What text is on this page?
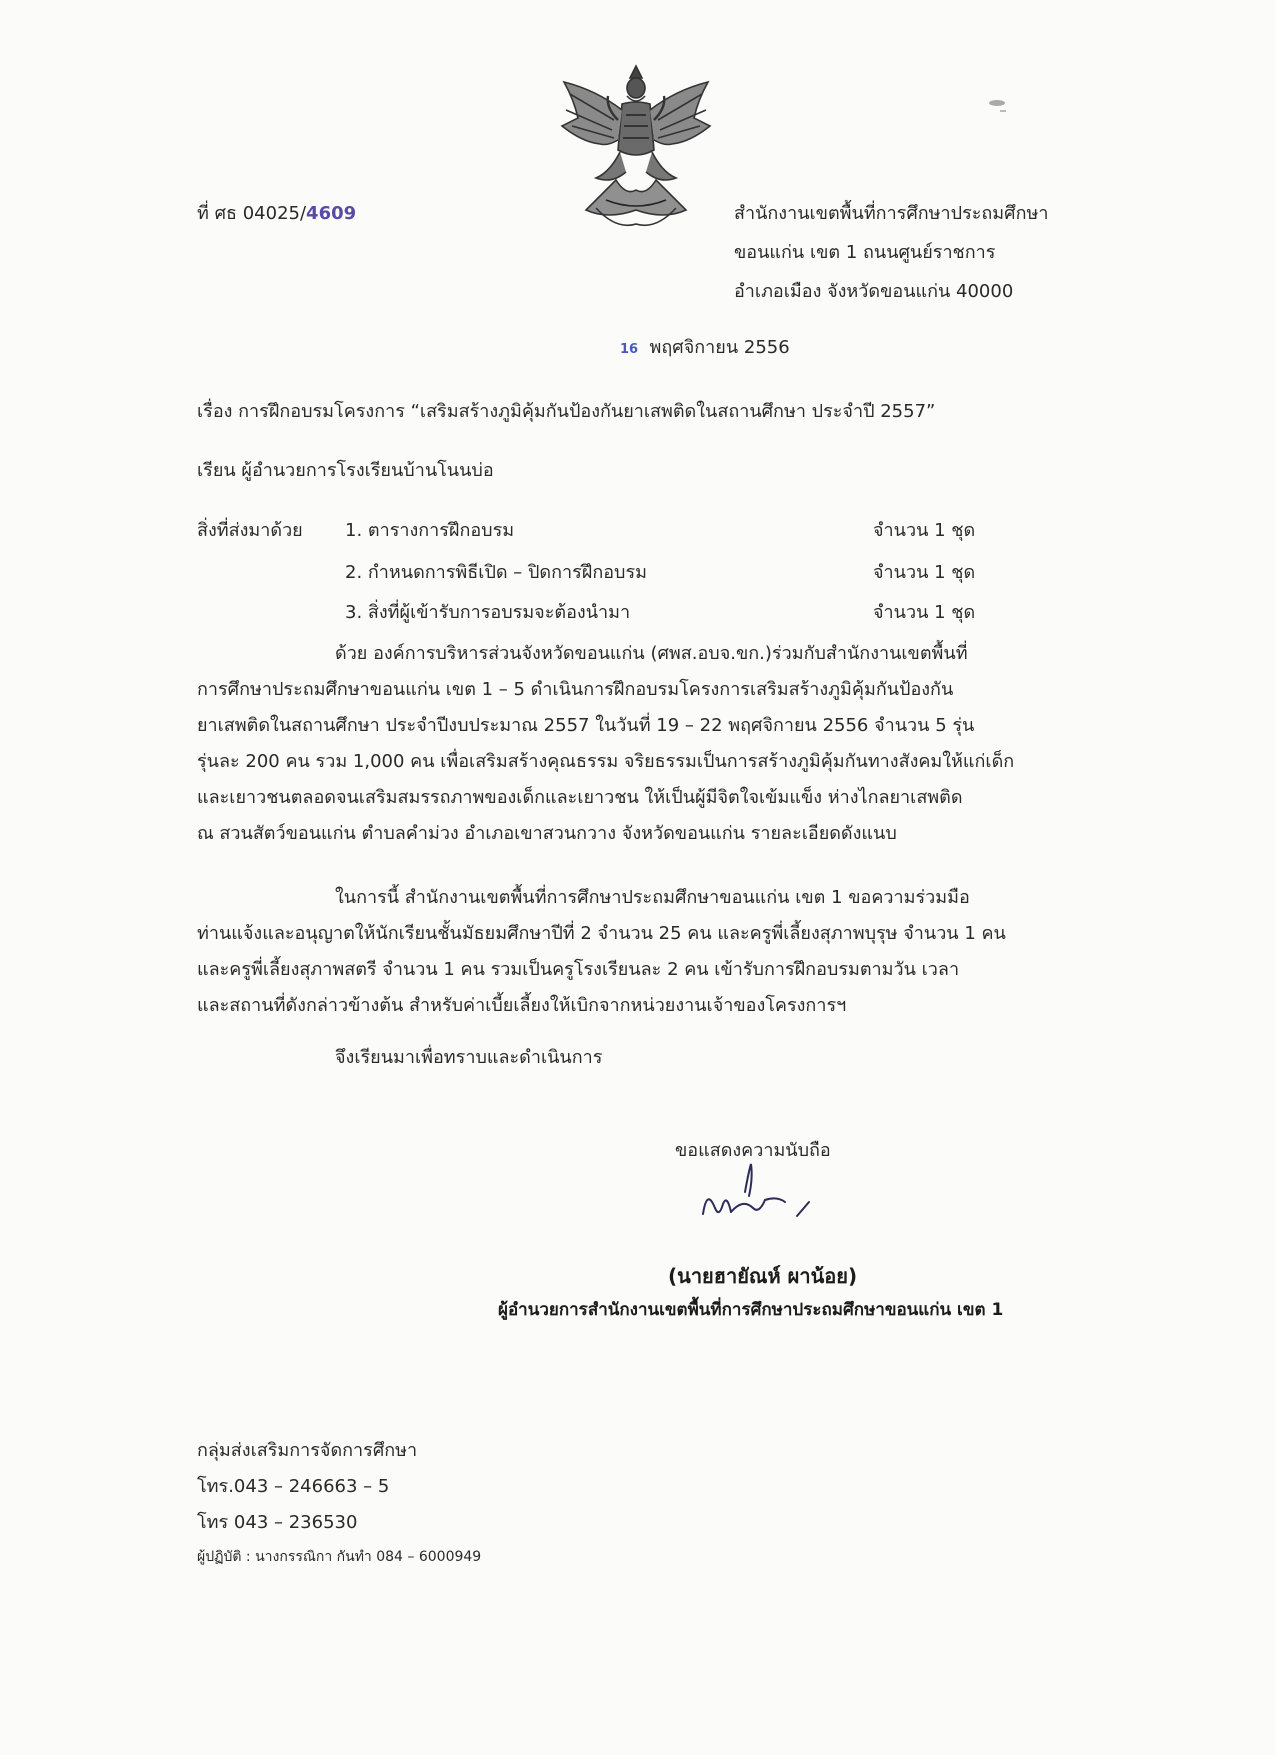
ที่ ศธ 04025/4609	สำนักงานเขตพื้นที่การศึกษาประถมศึกษา
ขอนแก่น เขต 1 ถนนศูนย์ราชการ
อำเภอเมือง จังหวัดขอนแก่น 40000
16 พฤศจิกายน 2556
เรื่อง การฝึกอบรมโครงการ “เสริมสร้างภูมิคุ้มกันป้องกันยาเสพติดในสถานศึกษา ประจำปี 2557”
เรียน ผู้อำนวยการโรงเรียนบ้านโนนบ่อ
สิ่งที่ส่งมาด้วย 1. ตารางการฝึกอบรม	จำนวน 1 ชุด
2. กำหนดการพิธีเปิด – ปิดการฝึกอบรม	จำนวน 1 ชุด
3. สิ่งที่ผู้เข้ารับการอบรมจะต้องนำมา	จำนวน 1 ชุด
ด้วย องค์การบริหารส่วนจังหวัดขอนแก่น (ศพส.อบจ.ขก.)ร่วมกับสำนักงานเขตพื้นที่
การศึกษาประถมศึกษาขอนแก่น เขต 1 – 5 ดำเนินการฝึกอบรมโครงการเสริมสร้างภูมิคุ้มกันป้องกัน
ยาเสพติดในสถานศึกษา ประจำปีงบประมาณ 2557 ในวันที่ 19 – 22 พฤศจิกายน 2556 จำนวน 5 รุ่น
รุ่นละ 200 คน รวม 1,000 คน เพื่อเสริมสร้างคุณธรรม จริยธรรมเป็นการสร้างภูมิคุ้มกันทางสังคมให้แก่เด็ก
และเยาวชนตลอดจนเสริมสมรรถภาพของเด็กและเยาวชน ให้เป็นผู้มีจิตใจเข้มแข็ง ห่างไกลยาเสพติด
ณ สวนสัตว์ขอนแก่น ตำบลคำม่วง อำเภอเขาสวนกวาง จังหวัดขอนแก่น รายละเอียดดังแนบ
ในการนี้ สำนักงานเขตพื้นที่การศึกษาประถมศึกษาขอนแก่น เขต 1 ขอความร่วมมือ
ท่านแจ้งและอนุญาตให้นักเรียนชั้นมัธยมศึกษาปีที่ 2 จำนวน 25 คน และครูพี่เลี้ยงสุภาพบุรุษ จำนวน 1 คน
และครูพี่เลี้ยงสุภาพสตรี จำนวน 1 คน รวมเป็นครูโรงเรียนละ 2 คน เข้ารับการฝึกอบรมตามวัน เวลา
และสถานที่ดังกล่าวข้างต้น สำหรับค่าเบี้ยเลี้ยงให้เบิกจากหน่วยงานเจ้าของโครงการฯ
จึงเรียนมาเพื่อทราบและดำเนินการ
ขอแสดงความนับถือ
(นายฮายัณห์ ผาน้อย)
ผู้อำนวยการสำนักงานเขตพื้นที่การศึกษาประถมศึกษาขอนแก่น เขต 1
กลุ่มส่งเสริมการจัดการศึกษา
โทร.043 – 246663 – 5
โทร 043 – 236530
ผู้ปฏิบัติ : นางกรรณิกา กันทำ 084 – 6000949
